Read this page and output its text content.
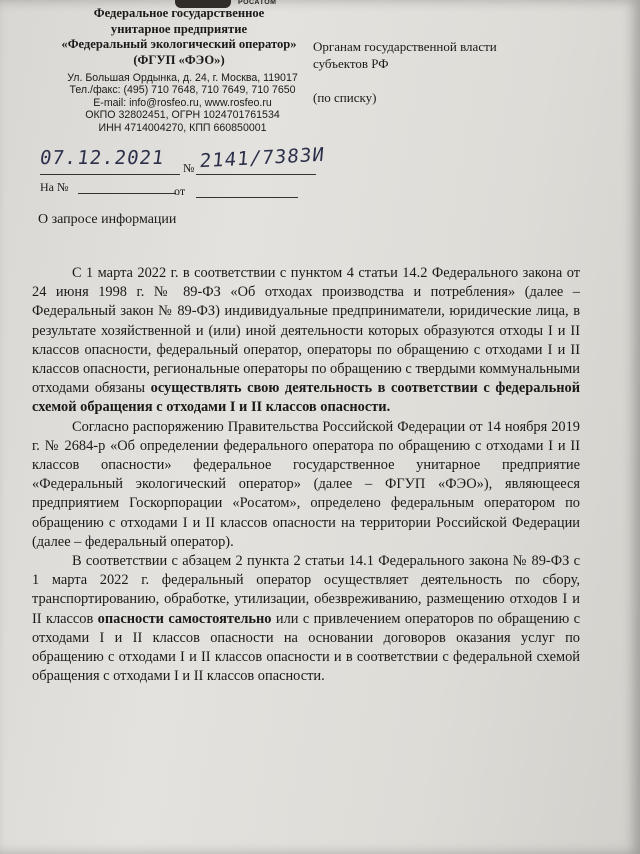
РОСАТОМ
Федеральное государственное
унитарное предприятие
«Федеральный экологический оператор»
(ФГУП «ФЭО»)
Ул. Большая Ордынка, д. 24, г. Москва, 119017
Тел./факс: (495) 710 7648, 710 7649, 710 7650
E-mail: info@rosfeo.ru, www.rosfeo.ru
ОКПО 32802451, ОГРН 1024701761534
ИНН 4714004270, КПП 660850001
Органам государственной власти
субъектов РФ
(по списку)
07.12.2021 № 2141/7383И
На №	от
О запросе информации

С 1 марта 2022 г. в соответствии с пунктом 4 статьи 14.2 Федерального закона от 24 июня 1998 г. № 89-ФЗ «Об отходах производства и потребления» (далее – Федеральный закон № 89-ФЗ) индивидуальные предприниматели, юридические лица, в результате хозяйственной и (или) иной деятельности которых образуются отходы I и II классов опасности, федеральный оператор, операторы по обращению с отходами I и II классов опасности, региональные операторы по обращению с твердыми коммунальными отходами обязаны осуществлять свою деятельность в соответствии с федеральной схемой обращения с отходами I и II классов опасности.

Согласно распоряжению Правительства Российской Федерации от 14 ноября 2019 г. № 2684-р «Об определении федерального оператора по обращению с отходами I и II классов опасности» федеральное государственное унитарное предприятие «Федеральный экологический оператор» (далее – ФГУП «ФЭО»), являющееся предприятием Госкорпорации «Росатом», определено федеральным оператором по обращению с отходами I и II классов опасности на территории Российской Федерации (далее – федеральный оператор).

В соответствии с абзацем 2 пункта 2 статьи 14.1 Федерального закона № 89-ФЗ с 1 марта 2022 г. федеральный оператор осуществляет деятельность по сбору, транспортированию, обработке, утилизации, обезвреживанию, размещению отходов I и II классов опасности самостоятельно или с привлечением операторов по обращению с отходами I и II классов опасности на основании договоров оказания услуг по обращению с отходами I и II классов опасности и в соответствии с федеральной схемой обращения с отходами I и II классов опасности.
